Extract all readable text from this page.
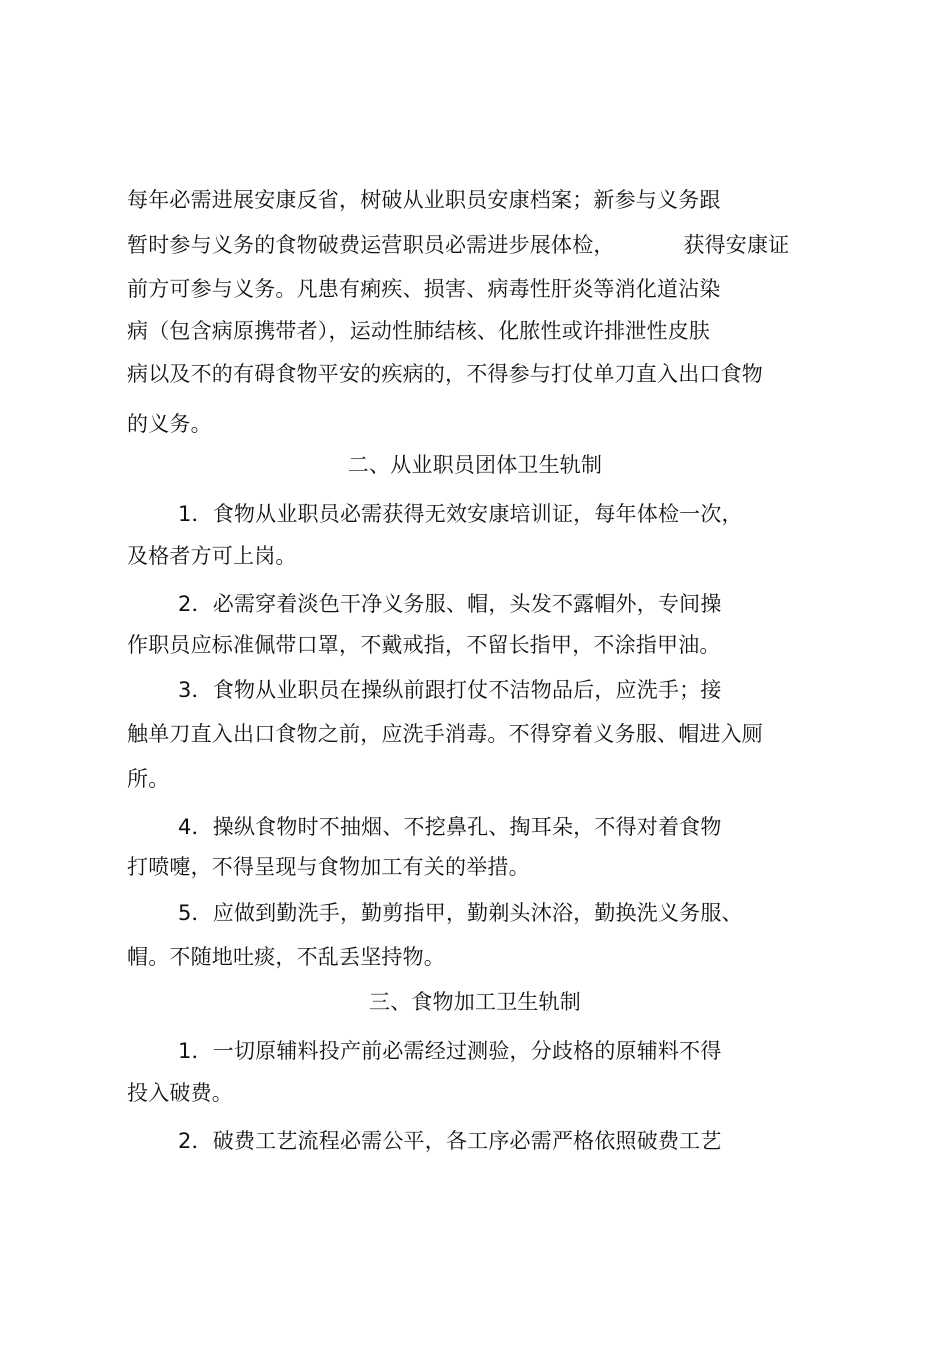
每年必需进展安康反省，树破从业职员安康档案；新参与义务跟
暂时参与义务的食物破费运营职员必需进步展体检，          获得安康证
前方可参与义务。凡患有痢疾、损害、病毒性肝炎等消化道沾染
病（包含病原携带者），运动性肺结核、化脓性或许排泄性皮肤
病以及不的有碍食物平安的疾病的，不得参与打仗单刀直入出口食物
的义务。
二、从业职员团体卫生轨制
1．食物从业职员必需获得无效安康培训证，每年体检一次，
及格者方可上岗。
2．必需穿着淡色干净义务服、帽，头发不露帽外，专间操
作职员应标准佩带口罩，不戴戒指，不留长指甲，不涂指甲油。
3．食物从业职员在操纵前跟打仗不洁物品后，应洗手；接
触单刀直入出口食物之前，应洗手消毒。不得穿着义务服、帽进入厕
所。
4．操纵食物时不抽烟、不挖鼻孔、掏耳朵，不得对着食物
打喷嚏，不得呈现与食物加工有关的举措。
5．应做到勤洗手，勤剪指甲，勤剃头沐浴，勤换洗义务服、
帽。不随地吐痰，不乱丢坚持物。
三、食物加工卫生轨制
1．一切原辅料投产前必需经过测验，分歧格的原辅料不得
投入破费。
2．破费工艺流程必需公平，各工序必需严格依照破费工艺
